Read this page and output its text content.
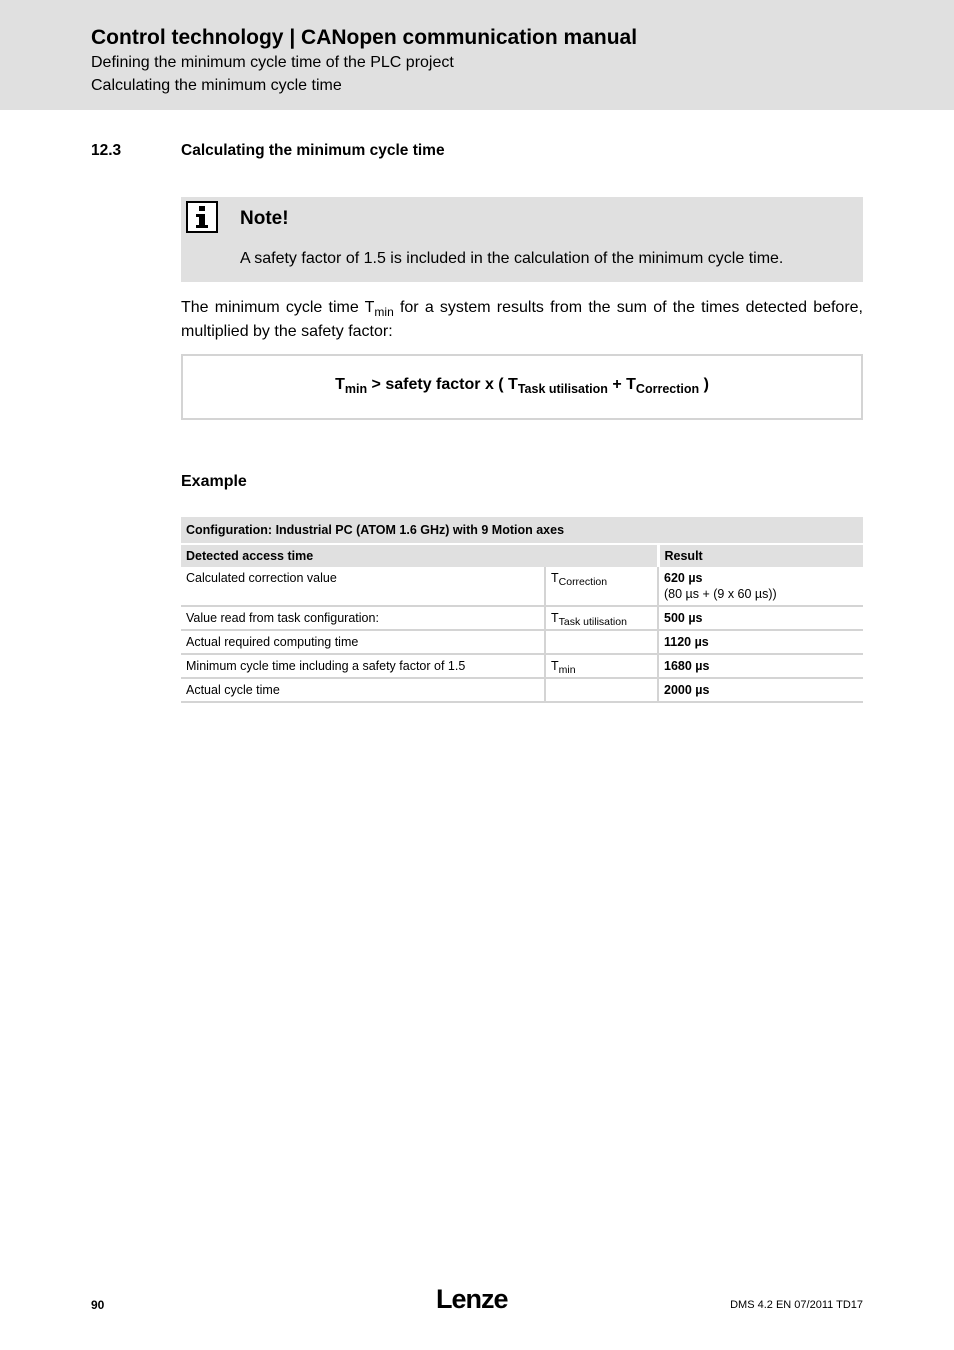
Control technology | CANopen communication manual
Defining the minimum cycle time of the PLC project
Calculating the minimum cycle time
12.3	Calculating the minimum cycle time
Note!
A safety factor of 1.5 is included in the calculation of the minimum cycle time.
The minimum cycle time $T_{min}$ for a system results from the sum of the times detected before, multiplied by the safety factor:
$T_{min}$ > safety factor x ( $T_{Task utilisation} + T_{Correction}$ )
Example
Configuration: Industrial PC (ATOM 1.6 GHz) with 9 Motion axes		
Detected access time		Result
Calculated correction value	$T_{Correction}$	620 µs
(80 µs + (9 x 60 µs))
Value read from task configuration:	$T_{Task utilisation}$	500 µs
Actual required computing time		1120 µs
Minimum cycle time including a safety factor of 1.5	$T_{min}$	1680 µs
Actual cycle time		2000 µs
90	Lenze	DMS 4.2 EN 07/2011 TD17
